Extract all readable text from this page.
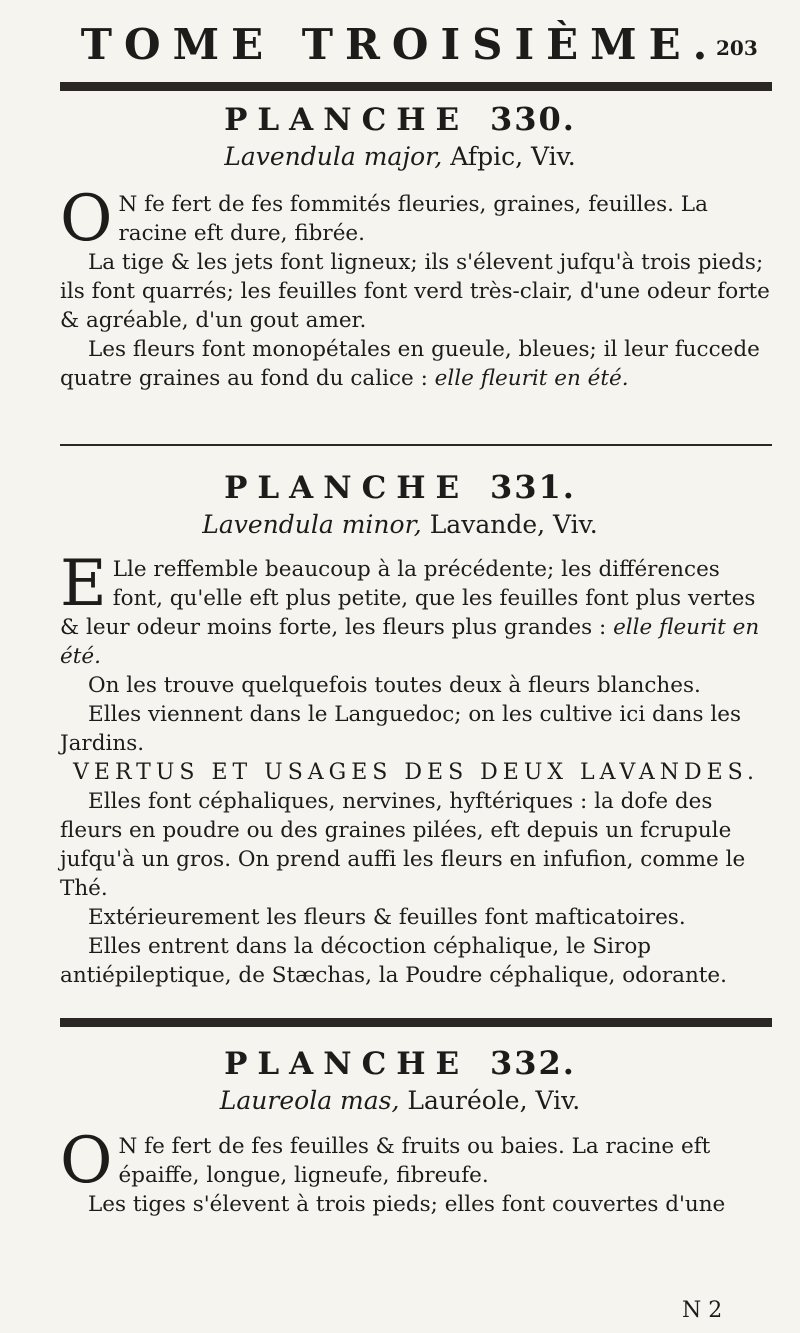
TOME TROISIÈME.
203
PLANCHE 330.
Lavendula major, Afpic, Viv.

O N fe fert de fes fommités fleuries, graines, feuilles. La racine eft dure, fibrée.

La tige & les jets font ligneux; ils s'élevent jufqu'à trois pieds; ils font quarrés; les feuilles font verd très-clair, d'une odeur forte & agréable, d'un gout amer.

Les fleurs font monopétales en gueule, bleues; il leur fuccede quatre graines au fond du calice : elle fleurit en été.

PLANCHE 331.
Lavendula minor, Lavande, Viv.

E Lle reffemble beaucoup à la précédente; les différences font, qu'elle eft plus petite, que les feuilles font plus vertes & leur odeur moins forte, les fleurs plus grandes : elle fleurit en été.

On les trouve quelquefois toutes deux à fleurs blanches.

Elles viennent dans le Languedoc; on les cultive ici dans les Jardins.

VERTUS ET USAGES DES DEUX LAVANDES.

Elles font céphaliques, nervines, hyftériques : la dofe des fleurs en poudre ou des graines pilées, eft depuis un fcrupule jufqu'à un gros. On prend auffi les fleurs en infufion, comme le Thé.

Extérieurement les fleurs & feuilles font mafticatoires.

Elles entrent dans la décoction céphalique, le Sirop antiépileptique, de Stæchas, la Poudre céphalique, odorante.

PLANCHE 332.
Laureola mas, Lauréole, Viv.

O N fe fert de fes feuilles & fruits ou baies. La racine eft épaiffe, longue, ligneufe, fibreufe.

Les tiges s'élevent à trois pieds; elles font couvertes d'une

N 2
